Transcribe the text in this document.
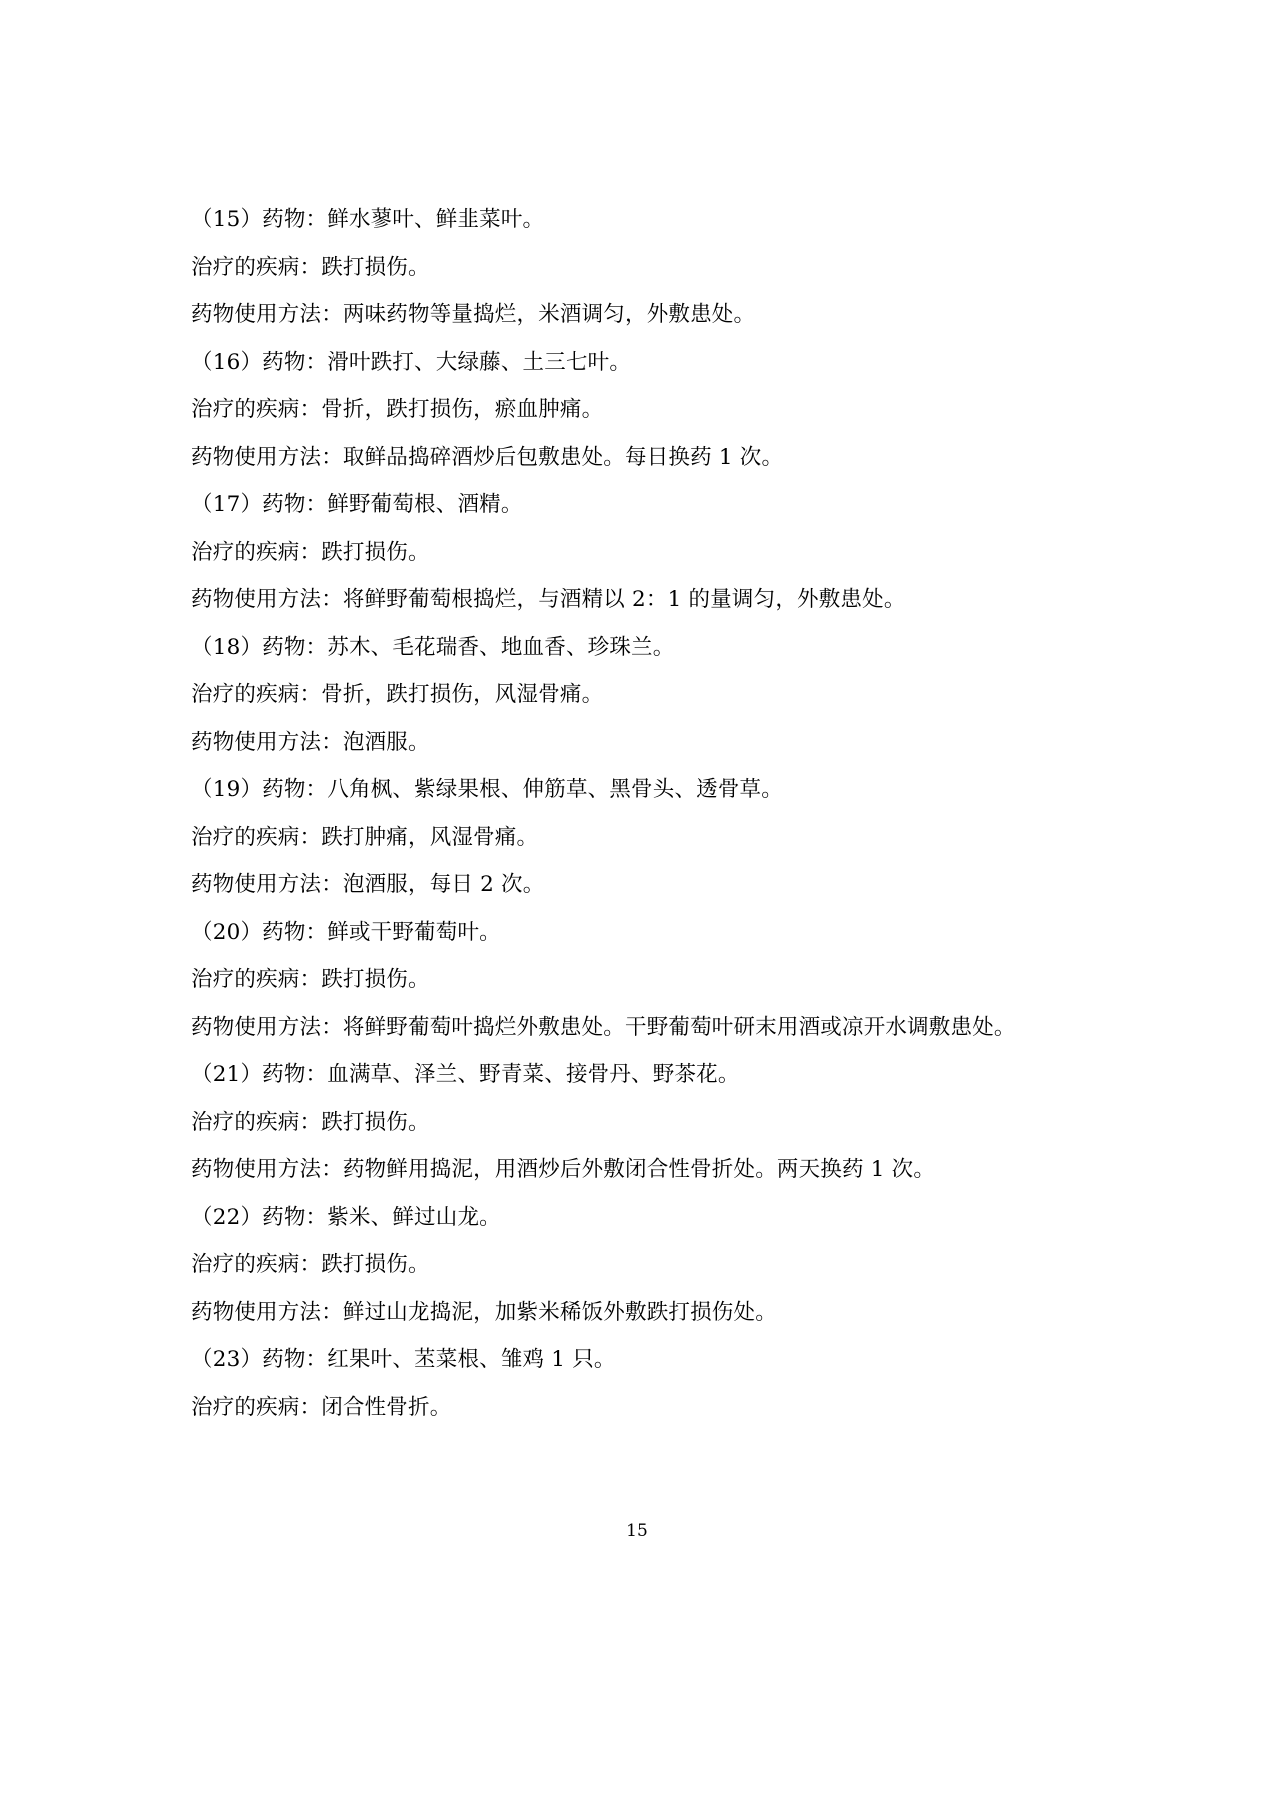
（15）药物：鲜水蓼叶、鲜韭菜叶。

治疗的疾病：跌打损伤。

药物使用方法：两味药物等量捣烂，米酒调匀，外敷患处。

（16）药物：滑叶跌打、大绿藤、土三七叶。

治疗的疾病：骨折，跌打损伤，瘀血肿痛。

药物使用方法：取鲜品捣碎酒炒后包敷患处。每日换药 1 次。

（17）药物：鲜野葡萄根、酒精。

治疗的疾病：跌打损伤。

药物使用方法：将鲜野葡萄根捣烂，与酒精以 2：1 的量调匀，外敷患处。

（18）药物：苏木、毛花瑞香、地血香、珍珠兰。

治疗的疾病：骨折，跌打损伤，风湿骨痛。

药物使用方法：泡酒服。

（19）药物：八角枫、紫绿果根、伸筋草、黑骨头、透骨草。

治疗的疾病：跌打肿痛，风湿骨痛。

药物使用方法：泡酒服，每日 2 次。

（20）药物：鲜或干野葡萄叶。

治疗的疾病：跌打损伤。

药物使用方法：将鲜野葡萄叶捣烂外敷患处。干野葡萄叶研末用酒或凉开水调敷患处。

（21）药物：血满草、泽兰、野青菜、接骨丹、野茶花。

治疗的疾病：跌打损伤。

药物使用方法：药物鲜用捣泥，用酒炒后外敷闭合性骨折处。两天换药 1 次。

（22）药物：紫米、鲜过山龙。

治疗的疾病：跌打损伤。

药物使用方法：鲜过山龙捣泥，加紫米稀饭外敷跌打损伤处。

（23）药物：红果叶、苤菜根、雏鸡 1 只。

治疗的疾病：闭合性骨折。

15
